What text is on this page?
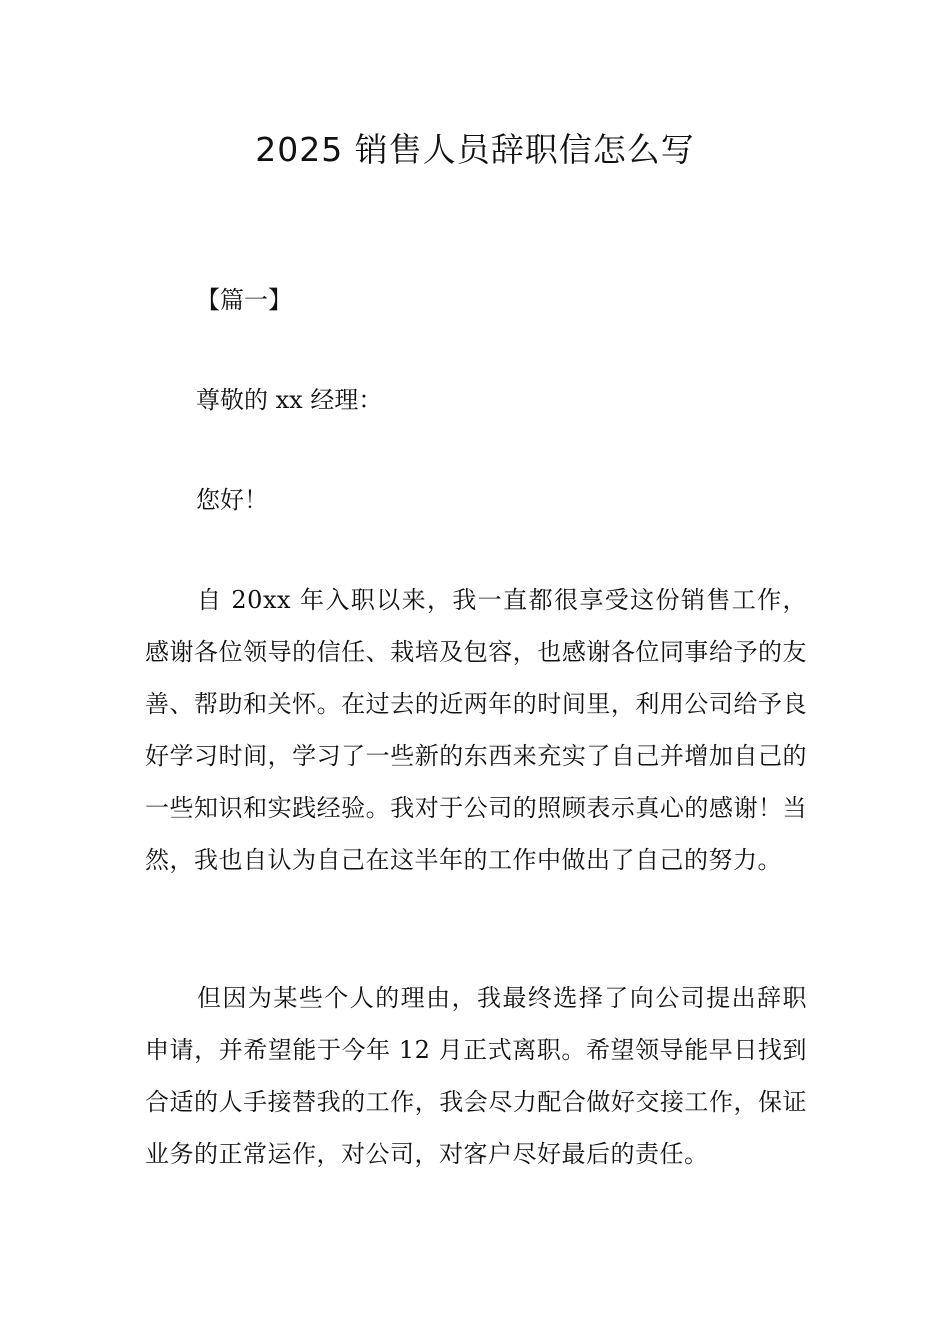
2025 销售人员辞职信怎么写
【篇一】
尊敬的 xx 经理：
您好！

自 20xx 年入职以来，我一直都很享受这份销售工作，感谢各位领导的信任、栽培及包容，也感谢各位同事给予的友善、帮助和关怀。在过去的近两年的时间里，利用公司给予良好学习时间，学习了一些新的东西来充实了自己并增加自己的一些知识和实践经验。我对于公司的照顾表示真心的感谢！当然，我也自认为自己在这半年的工作中做出了自己的努力。

但因为某些个人的理由，我最终选择了向公司提出辞职申请，并希望能于今年 12 月正式离职。希望领导能早日找到合适的人手接替我的工作，我会尽力配合做好交接工作，保证业务的正常运作，对公司，对客户尽好最后的责任。
